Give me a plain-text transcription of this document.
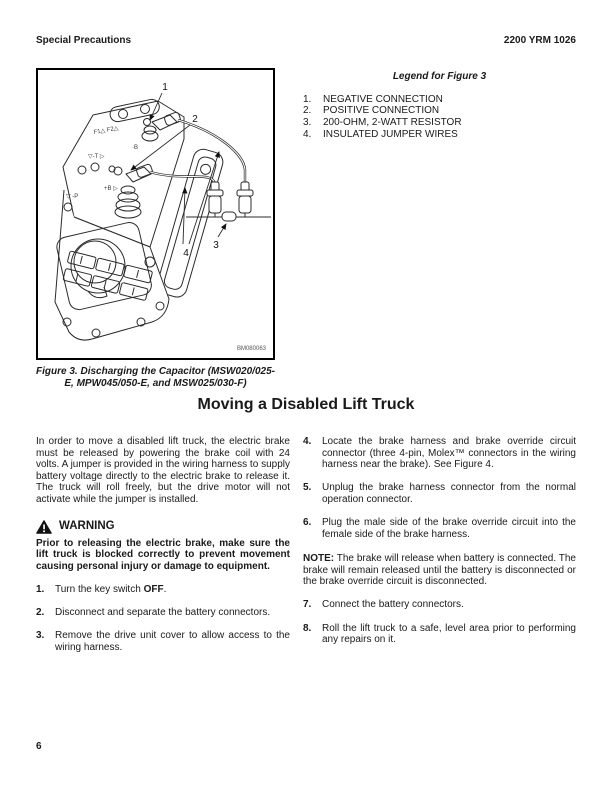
Special Precautions	2200 YRM 1026
F1△ F2△
·B
▽-T ▷
▽ -P
+B ▷
1
2
3
4
BM080063
Figure 3. Discharging the Capacitor (MSW020/025-E, MPW045/050-E, and MSW025/030-F)
Legend for Figure 3
1. NEGATIVE CONNECTION
2. POSITIVE CONNECTION
3. 200-OHM, 2-WATT RESISTOR
4. INSULATED JUMPER WIRES
Moving a Disabled Lift Truck

In order to move a disabled lift truck, the electric brake must be released by powering the brake coil with 24 volts. A jumper is provided in the wiring harness to supply battery voltage directly to the electric brake to release it. The truck will roll freely, but the drive motor will not activate while the jumper is installed.

WARNING

Prior to releasing the electric brake, make sure the lift truck is blocked correctly to prevent movement causing personal injury or damage to equipment.

1. Turn the key switch OFF.
2. Disconnect and separate the battery connectors.
3. Remove the drive unit cover to allow access to the wiring harness.
4. Locate the brake harness and brake override circuit connector (three 4-pin, Molex™ connectors in the wiring harness near the brake). See Figure 4.
5. Unplug the brake harness connector from the normal operation connector.
6. Plug the male side of the brake override circuit into the female side of the brake harness.

NOTE: The brake will release when battery is connected. The brake will remain released until the battery is disconnected or the brake override circuit is disconnected.

7. Connect the battery connectors.
8. Roll the lift truck to a safe, level area prior to performing any repairs on it.
6
